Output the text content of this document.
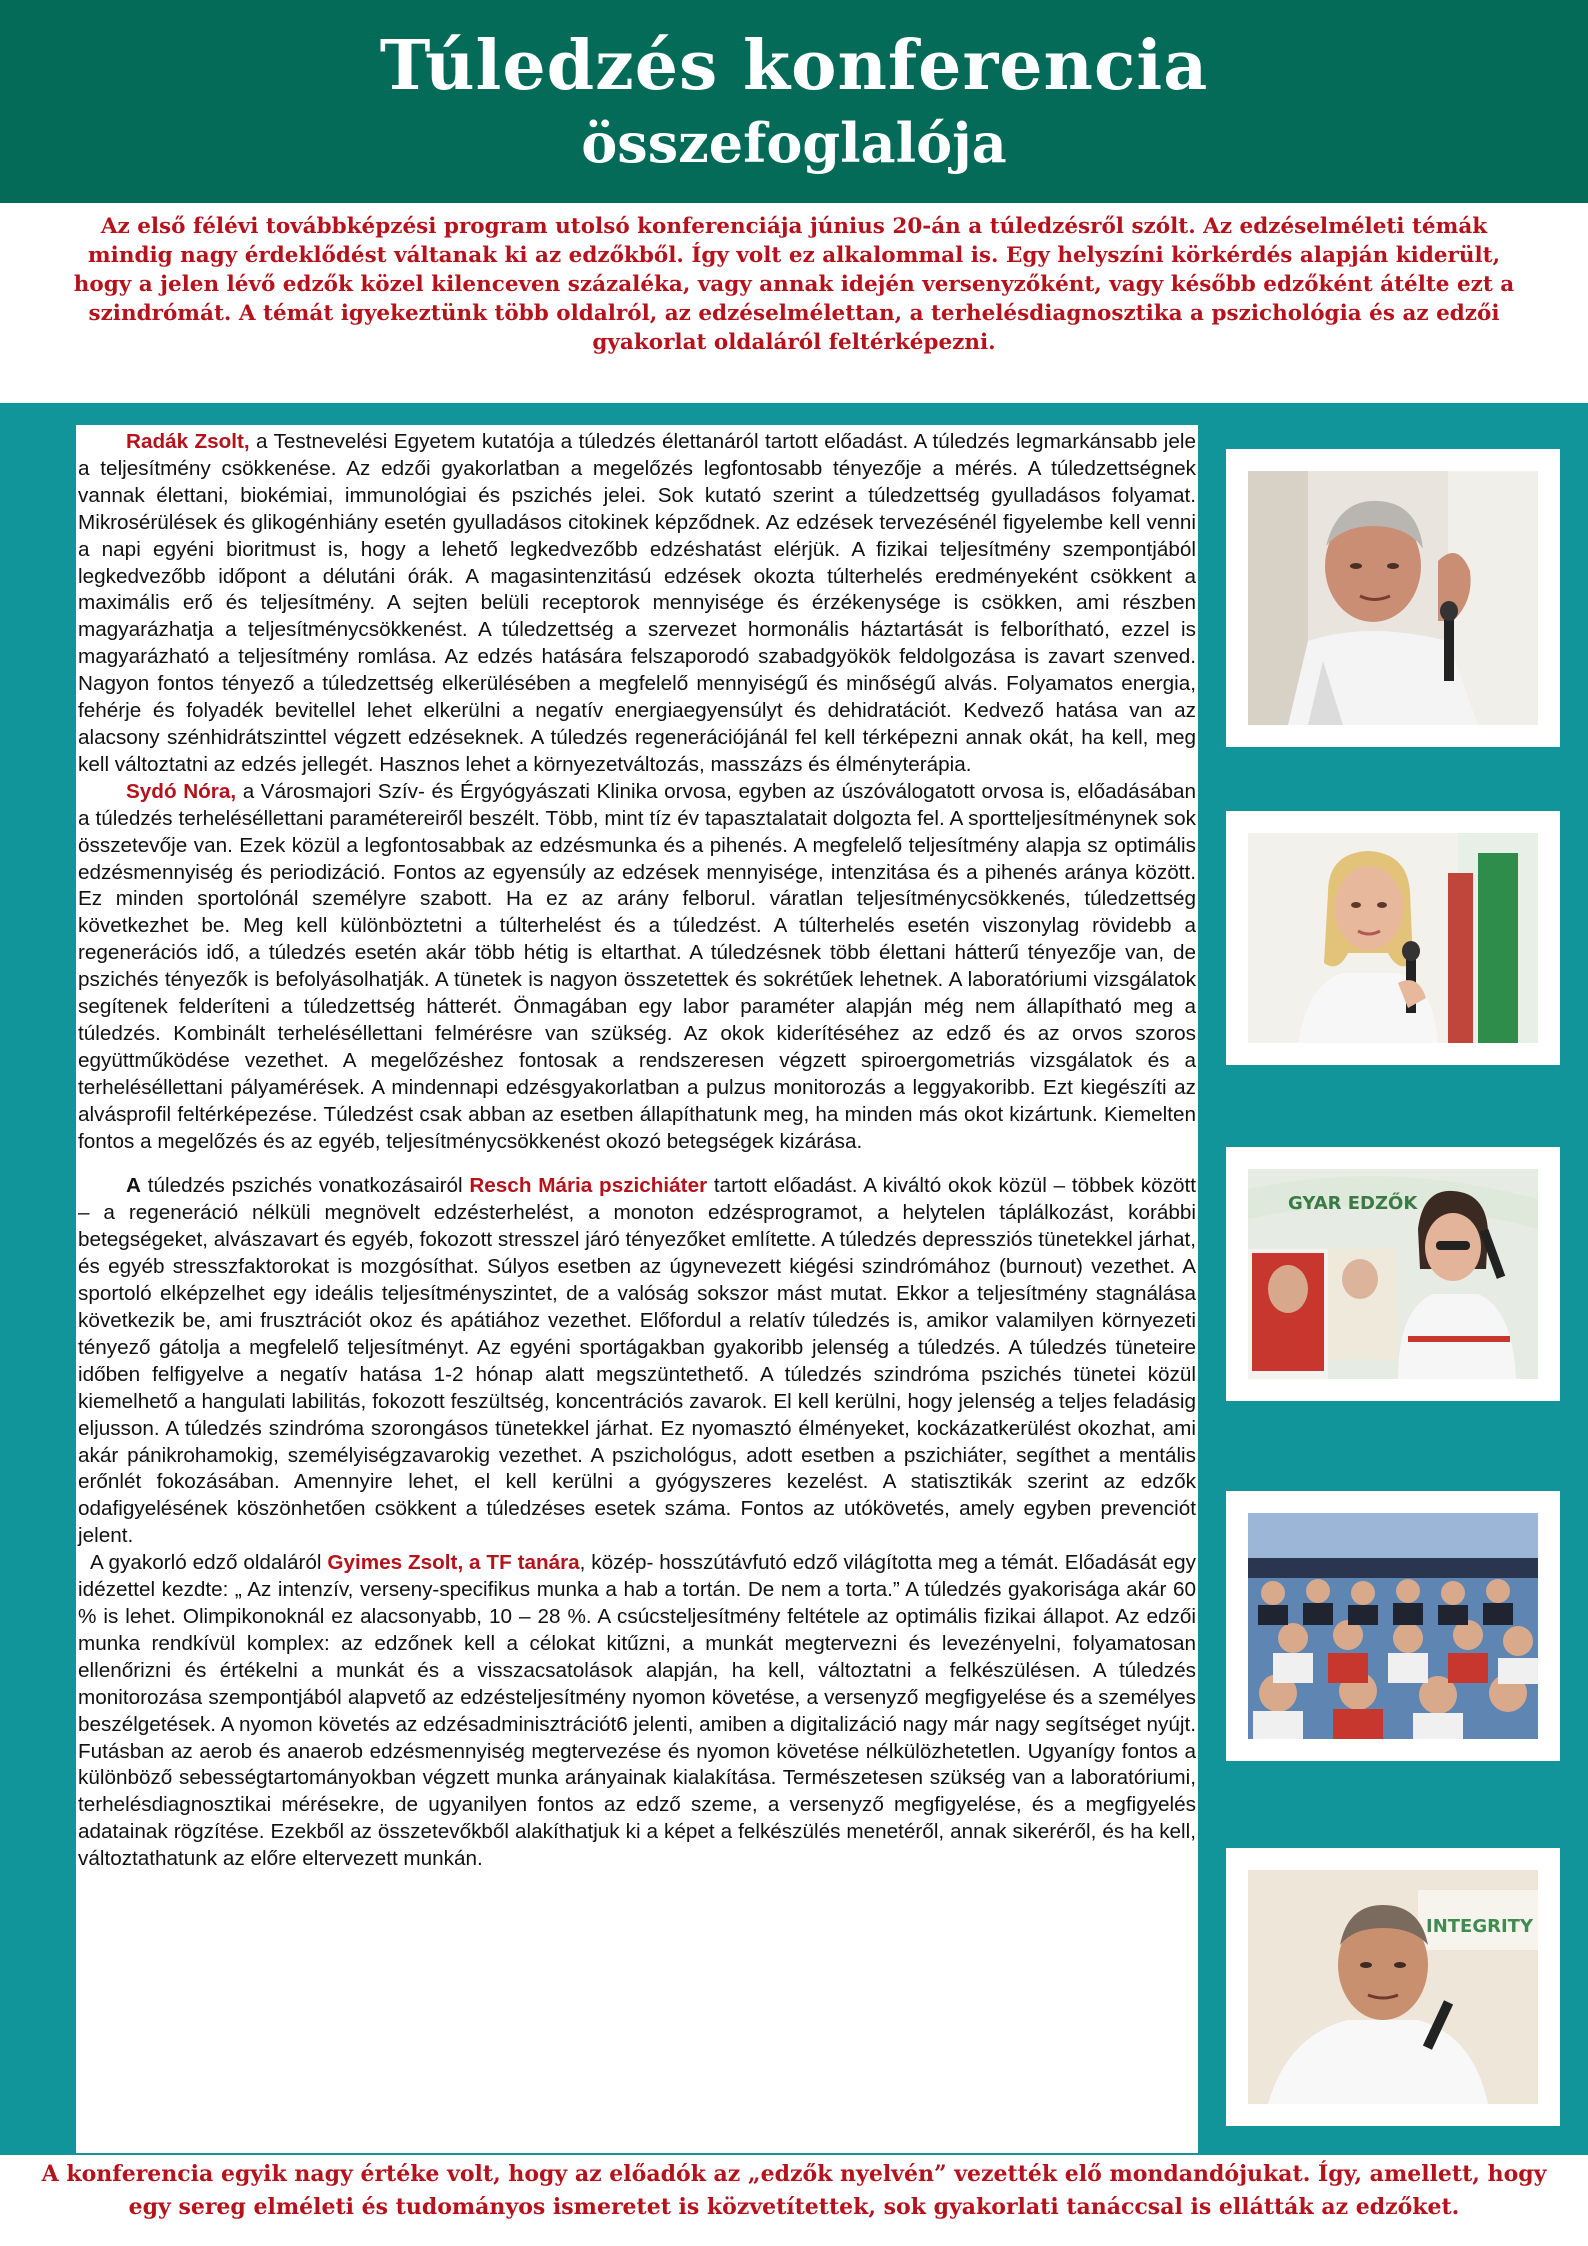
Túledzés konferencia
összefoglalója
Az első félévi továbbképzési program utolsó konferenciája június 20-án a túledzésről szólt. Az edzéselméleti témák mindig nagy érdeklődést váltanak ki az edzőkből. Így volt ez alkalommal is. Egy helyszíni körkérdés alapján kiderült, hogy a jelen lévő edzők közel kilenceven százaléka, vagy annak idején versenyzőként, vagy később edzőként átélte ezt a szindrómát. A témát igyekeztünk több oldalról, az edzéselmélettan, a terhelésdiagnosztika a pszichológia és az edzői gyakorlat oldaláról feltérképezni.

Radák Zsolt, a Testnevelési Egyetem kutatója a túledzés élettanáról tartott előadást. A túledzés legmarkánsabb jele a teljesítmény csökkenése. Az edzői gyakorlatban a megelőzés legfontosabb tényezője a mérés. A túledzettségnek vannak élettani, biokémiai, immunológiai és pszichés jelei. Sok kutató szerint a túledzettség gyulladásos folyamat. Mikrosérülések és glikogénhiány esetén gyulladásos citokinek képződnek. Az edzések tervezésénél figyelembe kell venni a napi egyéni bioritmust is, hogy a lehető legkedvezőbb edzéshatást elérjük. A fizikai teljesítmény szempontjából legkedvezőbb időpont a délutáni órák. A magasintenzitású edzések okozta túlterhelés eredményeként csökkent a maximális erő és teljesítmény. A sejten belüli receptorok mennyisége és érzékenysége is csökken, ami részben magyarázhatja a teljesítménycsökkenést. A túledzettség a szervezet hormonális háztartását is felborítható, ezzel is magyarázható a teljesítmény romlása. Az edzés hatására felszaporodó szabadgyökök feldolgozása is zavart szenved. Nagyon fontos tényező a túledzettség elkerülésében a megfelelő mennyiségű és minőségű alvás. Folyamatos energia, fehérje és folyadék bevitellel lehet elkerülni a negatív energiaegyensúlyt és dehidratációt. Kedvező hatása van az alacsony szénhidrátszinttel végzett edzéseknek. A túledzés regenerációjánál fel kell térképezni annak okát, ha kell, meg kell változtatni az edzés jellegét. Hasznos lehet a környezetváltozás, masszázs és élményterápia.

Sydó Nóra, a Városmajori Szív- és Érgyógyászati Klinika orvosa, egyben az úszóválogatott orvosa is, előadásában a túledzés terheléséllettani paramétereiről beszélt. Több, mint tíz év tapasztalatait dolgozta fel. A sportteljesítménynek sok összetevője van. Ezek közül a legfontosabbak az edzésmunka és a pihenés. A megfelelő teljesítmény alapja sz optimális edzésmennyiség és periodizáció. Fontos az egyensúly az edzések mennyisége, intenzitása és a pihenés aránya között. Ez minden sportolónál személyre szabott. Ha ez az arány felborul. váratlan teljesítménycsökkenés, túledzettség következhet be. Meg kell különböztetni a túlterhelést és a túledzést. A túlterhelés esetén viszonylag rövidebb a regenerációs idő, a túledzés esetén akár több hétig is eltarthat. A túledzésnek több élettani hátterű tényezője van, de pszichés tényezők is befolyásolhatják. A tünetek is nagyon összetettek és sokrétűek lehetnek. A laboratóriumi vizsgálatok segítenek felderíteni a túledzettség hátterét. Önmagában egy labor paraméter alapján még nem állapítható meg a túledzés. Kombinált terheléséllettani felmérésre van szükség. Az okok kiderítéséhez az edző és az orvos szoros együttműködése vezethet. A megelőzéshez fontosak a rendszeresen végzett spiroergometriás vizsgálatok és a terheléséllettani pályamérések. A mindennapi edzésgyakorlatban a pulzus monitorozás a leggyakoribb. Ezt kiegészíti az alvásprofil feltérképezése. Túledzést csak abban az esetben állapíthatunk meg, ha minden más okot kizártunk. Kiemelten fontos a megelőzés és az egyéb, teljesítménycsökkenést okozó betegségek kizárása.

A túledzés pszichés vonatkozásairól Resch Mária pszichiáter tartott előadást. A kiváltó okok közül – többek között – a regeneráció nélküli megnövelt edzésterhelést, a monoton edzésprogramot, a helytelen táplálkozást, korábbi betegségeket, alvászavart és egyéb, fokozott stresszel járó tényezőket említette. A túledzés depressziós tünetekkel járhat, és egyéb stresszfaktorokat is mozgósíthat. Súlyos esetben az úgynevezett kiégési szindrómához (burnout) vezethet. A sportoló elképzelhet egy ideális teljesítményszintet, de a valóság sokszor mást mutat. Ekkor a teljesítmény stagnálása következik be, ami frusztrációt okoz és apátiához vezethet. Előfordul a relatív túledzés is, amikor valamilyen környezeti tényező gátolja a megfelelő teljesítményt. Az egyéni sportágakban gyakoribb jelenség a túledzés. A túledzés tüneteire időben felfigyelve a negatív hatása 1-2 hónap alatt megszüntethető. A túledzés szindróma pszichés tünetei közül kiemelhető a hangulati labilitás, fokozott feszültség, koncentrációs zavarok. El kell kerülni, hogy jelenség a teljes feladásig eljusson. A túledzés szindróma szorongásos tünetekkel járhat. Ez nyomasztó élményeket, kockázatkerülést okozhat, ami akár pánikrohamokig, személyiségzavarokig vezethet. A pszichológus, adott esetben a pszichiáter, segíthet a mentális erőnlét fokozásában. Amennyire lehet, el kell kerülni a gyógyszeres kezelést. A statisztikák szerint az edzők odafigyelésének köszönhetően csökkent a túledzéses esetek száma. Fontos az utókövetés, amely egyben prevenciót jelent.

A gyakorló edző oldaláról Gyimes Zsolt, a TF tanára, közép- hosszútávfutó edző világította meg a témát. Előadását egy idézettel kezdte: „ Az intenzív, verseny-specifikus munka a hab a tortán. De nem a torta.” A túledzés gyakorisága akár 60 % is lehet. Olimpikonoknál ez alacsonyabb, 10 – 28 %. A csúcsteljesítmény feltétele az optimális fizikai állapot. Az edzői munka rendkívül komplex: az edzőnek kell a célokat kitűzni, a munkát megtervezni és levezényelni, folyamatosan ellenőrizni és értékelni a munkát és a visszacsatolások alapján, ha kell, változtatni a felkészülésen. A túledzés monitorozása szempontjából alapvető az edzésteljesítmény nyomon követése, a versenyző megfigyelése és a személyes beszélgetések. A nyomon követés az edzésadminisztrációt6 jelenti, amiben a digitalizáció nagy már nagy segítséget nyújt. Futásban az aerob és anaerob edzésmennyiség megtervezése és nyomon követése nélkülözhetetlen. Ugyanígy fontos a különböző sebességtartományokban végzett munka arányainak kialakítása. Természetesen szükség van a laboratóriumi, terhelésdiagnosztikai mérésekre, de ugyanilyen fontos az edző szeme, a versenyző megfigyelése, és a megfigyelés adatainak rögzítése. Ezekből az összetevőkből alakíthatjuk ki a képet a felkészülés menetéről, annak sikeréről, és ha kell, változtathatunk az előre eltervezett munkán.

GYAR EDZŐK
INTEGRITY
A konferencia egyik nagy értéke volt, hogy az előadók az „edzők nyelvén” vezették elő mondandójukat. Így, amellett, hogy egy sereg elméleti és tudományos ismeretet is közvetítettek, sok gyakorlati tanáccsal is ellátták az edzőket.
